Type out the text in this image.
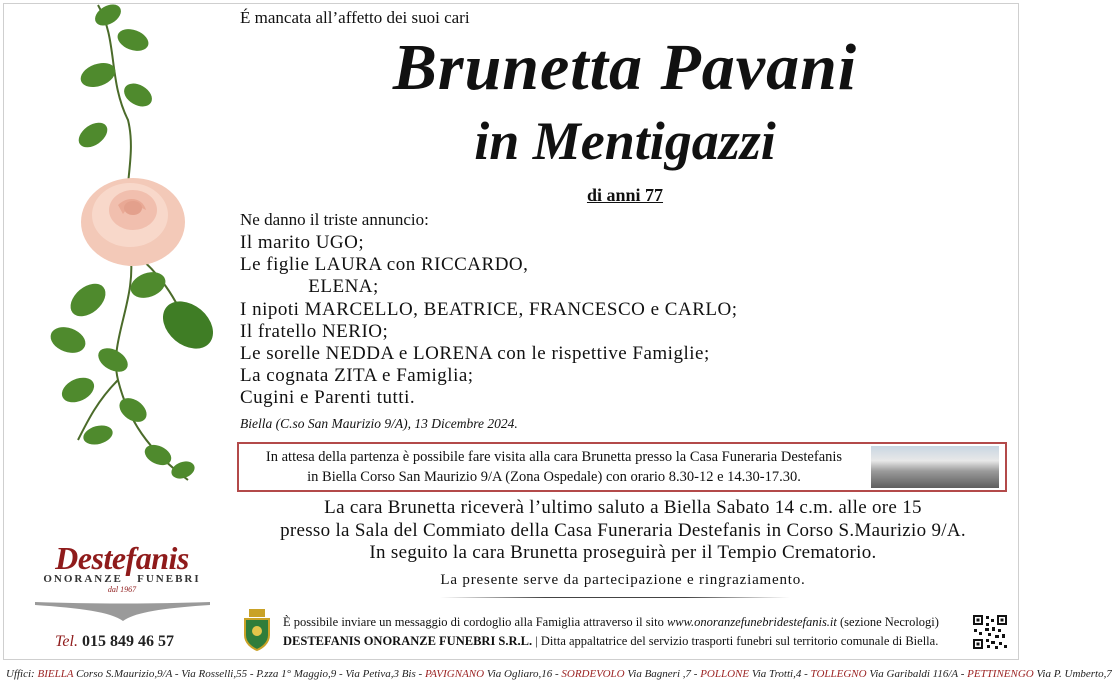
É mancata all’affetto dei suoi cari
Brunetta Pavani
in Mentigazzi
di anni 77
Ne danno il triste annuncio:
Il marito UGO;
Le figlie LAURA con RICCARDO,
ELENA;
I nipoti MARCELLO, BEATRICE, FRANCESCO e CARLO;
Il fratello NERIO;
Le sorelle NEDDA e LORENA con le rispettive Famiglie;
La cognata ZITA e Famiglia;
Cugini e Parenti tutti.
Biella (C.so San Maurizio 9/A), 13 Dicembre 2024.
In attesa della partenza è possibile fare visita alla cara Brunetta presso la Casa Funeraria Destefanis
in Biella Corso San Maurizio 9/A (Zona Ospedale) con orario 8.30-12 e 14.30-17.30.
La cara Brunetta riceverà l’ultimo saluto a Biella Sabato 14 c.m. alle ore 15
presso la Sala del Commiato della Casa Funeraria Destefanis in Corso S.Maurizio 9/A.
In seguito la cara Brunetta proseguirà per il Tempio Crematorio.
La presente serve da partecipazione e ringraziamento.
Destefanis
ONORANZE   FUNEBRI
dal 1967
Tel. 015 849 46 57
È possibile inviare un messaggio di cordoglio alla Famiglia attraverso il sito www.onoranzefunebridestefanis.it (sezione Necrologi)
DESTEFANIS ONORANZE FUNEBRI S.R.L. | Ditta appaltatrice del servizio trasporti funebri sul territorio comunale di Biella.
Uffici: BIELLA Corso S.Maurizio,9/A - Via Rosselli,55 - P.zza 1° Maggio,9 - Via Petiva,3 Bis - PAVIGNANO Via Ogliaro,16 - SORDEVOLO Via Bagneri ,7 - POLLONE Via Trotti,4 - TOLLEGNO Via Garibaldi 116/A - PETTINENGO Via P. Umberto,7
